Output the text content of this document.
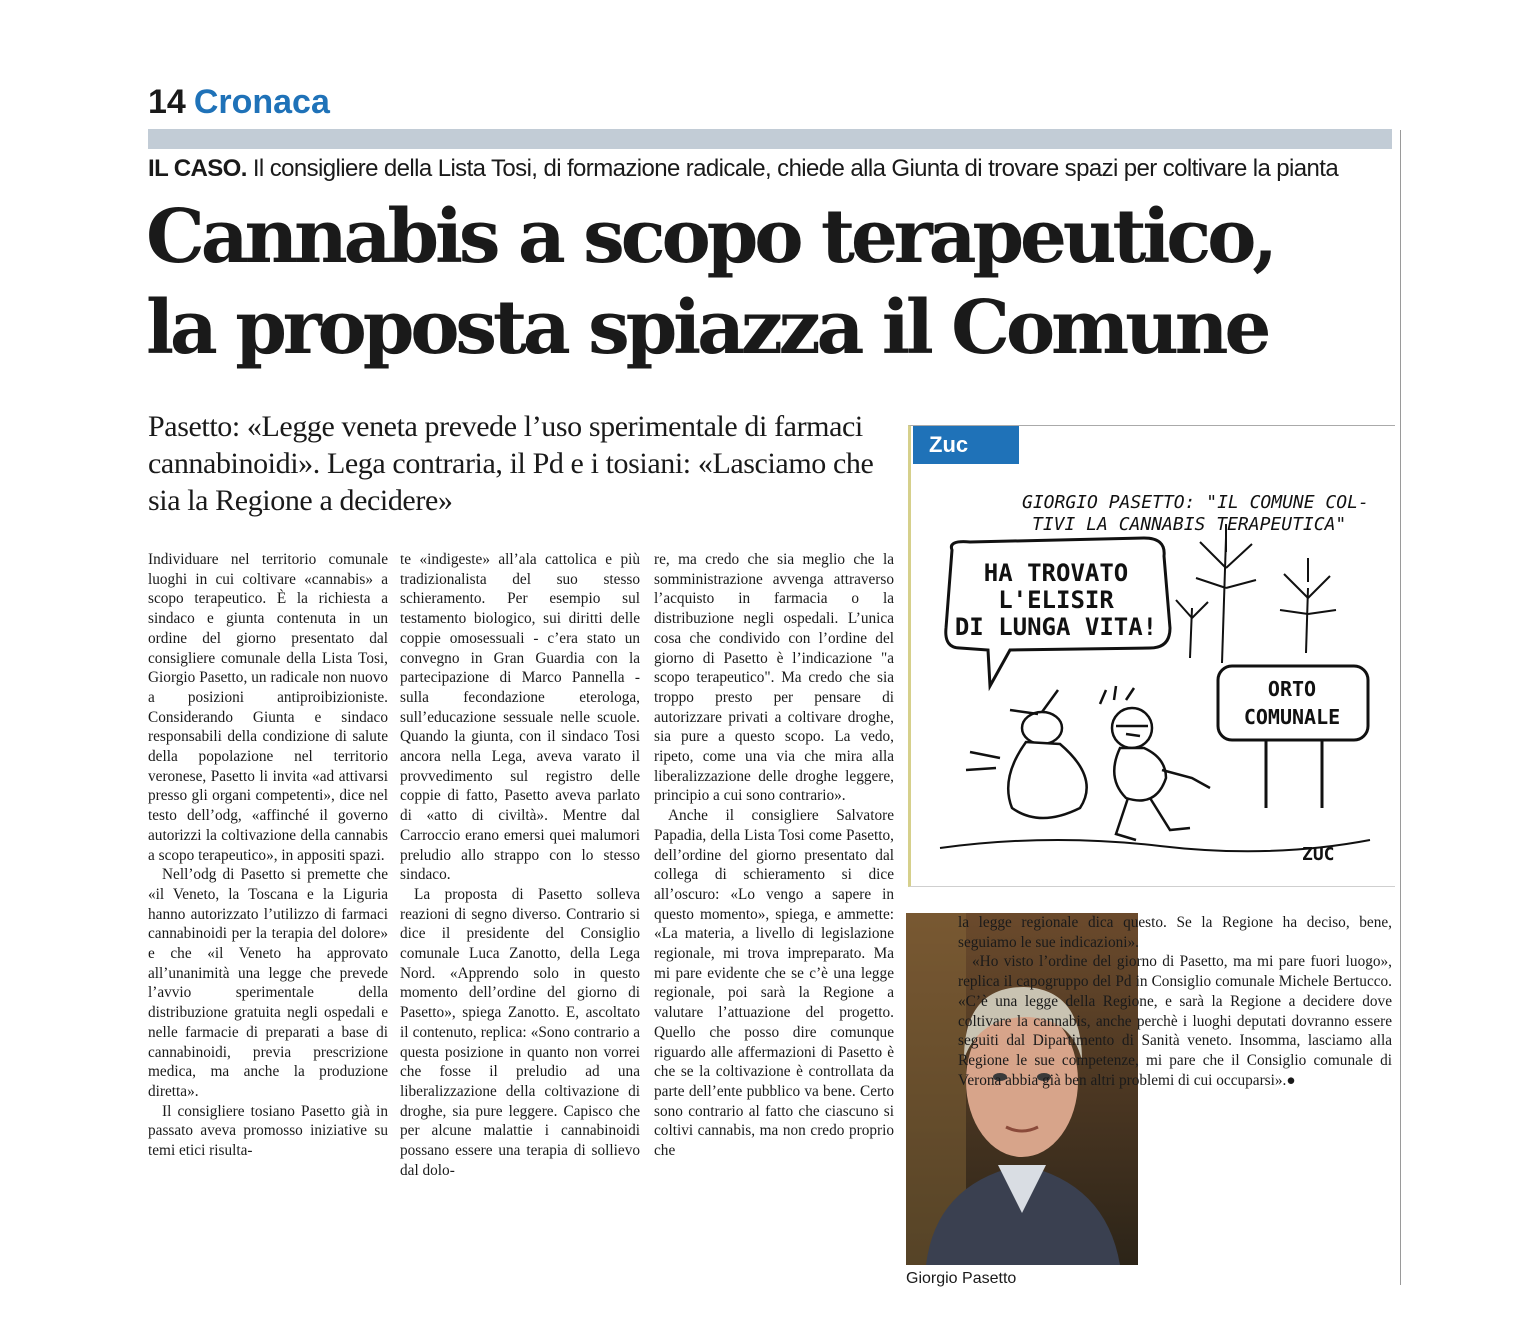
14 Cronaca
IL CASO. Il consigliere della Lista Tosi, di formazione radicale, chiede alla Giunta di trovare spazi per coltivare la pianta
Cannabis a scopo terapeutico,
la proposta spiazza il Comune

Pasetto: «Legge veneta prevede l’uso sperimentale di farmaci cannabinoidi». Lega contraria, il Pd e i tosiani: «Lasciamo che sia la Regione a decidere»

Individuare nel territorio comunale luoghi in cui coltivare «cannabis» a scopo terapeutico. È la richiesta a sindaco e giunta contenuta in un ordine del giorno presentato dal consigliere comunale della Lista Tosi, Giorgio Pasetto, un radicale non nuovo a posizioni antiproibizioniste. Considerando Giunta e sindaco responsabili della condizione di salute della popolazione nel territorio veronese, Pasetto li invita «ad attivarsi presso gli organi competenti», dice nel testo dell’odg, «affinché il governo autorizzi la coltivazione della cannabis a scopo terapeutico», in appositi spazi.

Nell’odg di Pasetto si premette che «il Veneto, la Toscana e la Liguria hanno autorizzato l’utilizzo di farmaci cannabinoidi per la terapia del dolore» e che «il Veneto ha approvato all’unanimità una legge che prevede l’avvio sperimentale della distribuzione gratuita negli ospedali e nelle farmacie di preparati a base di cannabinoidi, previa prescrizione medica, ma anche la produzione diretta».

Il consigliere tosiano Pasetto già in passato aveva promosso iniziative su temi etici risulta-

te «indigeste» all’ala cattolica e più tradizionalista del suo stesso schieramento. Per esempio sul testamento biologico, sui diritti delle coppie omosessuali - c’era stato un convegno in Gran Guardia con la partecipazione di Marco Pannella - sulla fecondazione eterologa, sull’educazione sessuale nelle scuole. Quando la giunta, con il sindaco Tosi ancora nella Lega, aveva varato il provvedimento sul registro delle coppie di fatto, Pasetto aveva parlato di «atto di civiltà». Mentre dal Carroccio erano emersi quei malumori preludio allo strappo con lo stesso sindaco.

La proposta di Pasetto solleva reazioni di segno diverso. Contrario si dice il presidente del Consiglio comunale Luca Zanotto, della Lega Nord. «Apprendo solo in questo momento dell’ordine del giorno di Pasetto», spiega Zanotto. E, ascoltato il contenuto, replica: «Sono contrario a questa posizione in quanto non vorrei che fosse il preludio ad una liberalizzazione della coltivazione di droghe, sia pure leggere. Capisco che per alcune malattie i cannabinoidi possano essere una terapia di sollievo dal dolo-

re, ma credo che sia meglio che la somministrazione avvenga attraverso l’acquisto in farmacia o la distribuzione negli ospedali. L’unica cosa che condivido con l’ordine del giorno di Pasetto è l’indicazione "a scopo terapeutico". Ma credo che sia troppo presto per pensare di autorizzare privati a coltivare droghe, sia pure a questo scopo. La vedo, ripeto, come una via che mira alla liberalizzazione delle droghe leggere, principio a cui sono contrario».

Anche il consigliere Salvatore Papadia, della Lista Tosi come Pasetto, dell’ordine del giorno presentato dal collega di schieramento si dice all’oscuro: «Lo vengo a sapere in questo momento», spiega, e ammette: «La materia, a livello di legislazione regionale, mi trova impreparato. Ma mi pare evidente che se c’è una legge regionale, poi sarà la Regione a valutare l’attuazione del progetto. Quello che posso dire comunque riguardo alle affermazioni di Pasetto è che se la coltivazione è controllata da parte dell’ente pubblico va bene. Certo sono contrario al fatto che ciascuno si coltivi cannabis, ma non credo proprio che

Zuc
GIORGIO PASETTO: "IL COMUNE COL-
TIVI LA CANNABIS TERAPEUTICA"
HA TROVATO
L'ELISIR
DI LUNGA VITA!
ORTO
COMUNALE
ZUC
Giorgio Pasetto

la legge regionale dica questo. Se la Regione ha deciso, bene, seguiamo le sue indicazioni».

«Ho visto l’ordine del giorno di Pasetto, ma mi pare fuori luogo», replica il capogruppo del Pd in Consiglio comunale Michele Bertucco. «C’è una legge della Regione, e sarà la Regione a decidere dove coltivare la cannabis, anche perchè i luoghi deputati dovranno essere seguiti dal Dipartimento di Sanità veneto. Insomma, lasciamo alla Regione le sue competenze, mi pare che il Consiglio comunale di Verona abbia già ben altri problemi di cui occuparsi».●
